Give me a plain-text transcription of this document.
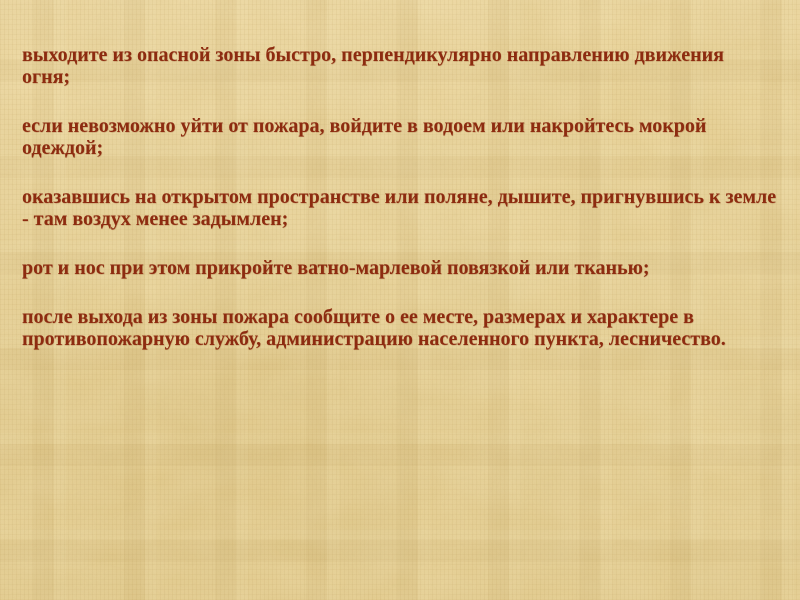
выходите из опасной зоны быстро, перпендикулярно направлению движения
огня;
если невозможно уйти от пожара, войдите в водоем или накройтесь мокрой
одеждой;
оказавшись на открытом пространстве или поляне, дышите, пригнувшись к земле
- там воздух менее задымлен;
рот и нос при этом прикройте ватно-марлевой повязкой или тканью;
после выхода из зоны пожара сообщите о ее месте, размерах и характере в
противопожарную службу, администрацию населенного пункта, лесничество.
